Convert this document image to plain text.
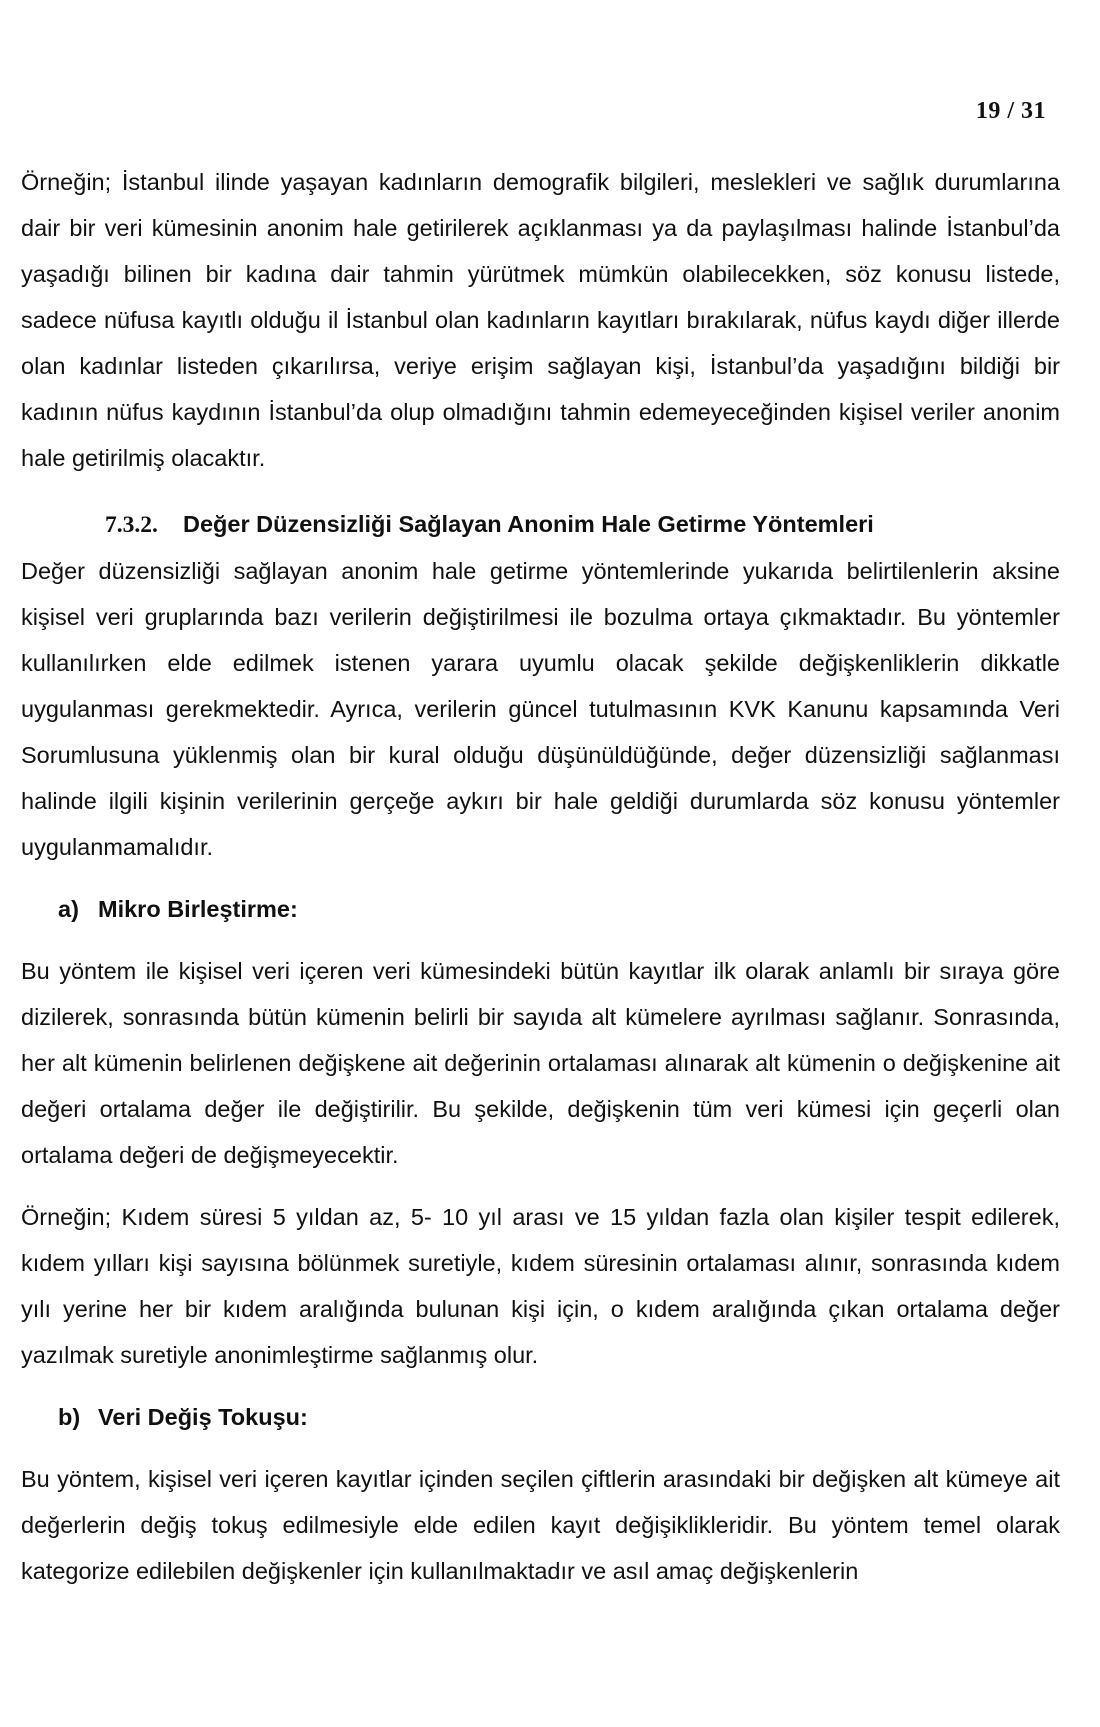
19 / 31

Örneğin; İstanbul ilinde yaşayan kadınların demografik bilgileri, meslekleri ve sağlık durumlarına dair bir veri kümesinin anonim hale getirilerek açıklanması ya da paylaşılması halinde İstanbul’da yaşadığı bilinen bir kadına dair tahmin yürütmek mümkün olabilecekken, söz konusu listede, sadece nüfusa kayıtlı olduğu il İstanbul olan kadınların kayıtları bırakılarak, nüfus kaydı diğer illerde olan kadınlar listeden çıkarılırsa, veriye erişim sağlayan kişi, İstanbul’da yaşadığını bildiği bir kadının nüfus kaydının İstanbul’da olup olmadığını tahmin edemeyeceğinden kişisel veriler anonim hale getirilmiş olacaktır.

7.3.2. Değer Düzensizliği Sağlayan Anonim Hale Getirme Yöntemleri

Değer düzensizliği sağlayan anonim hale getirme yöntemlerinde yukarıda belirtilenlerin aksine kişisel veri gruplarında bazı verilerin değiştirilmesi ile bozulma ortaya çıkmaktadır. Bu yöntemler kullanılırken elde edilmek istenen yarara uyumlu olacak şekilde değişkenliklerin dikkatle uygulanması gerekmektedir. Ayrıca, verilerin güncel tutulmasının KVK Kanunu kapsamında Veri Sorumlusuna yüklenmiş olan bir kural olduğu düşünüldüğünde, değer düzensizliği sağlanması halinde ilgili kişinin verilerinin gerçeğe aykırı bir hale geldiği durumlarda söz konusu yöntemler uygulanmamalıdır.

a) Mikro Birleştirme:

Bu yöntem ile kişisel veri içeren veri kümesindeki bütün kayıtlar ilk olarak anlamlı bir sıraya göre dizilerek, sonrasında bütün kümenin belirli bir sayıda alt kümelere ayrılması sağlanır. Sonrasında, her alt kümenin belirlenen değişkene ait değerinin ortalaması alınarak alt kümenin o değişkenine ait değeri ortalama değer ile değiştirilir. Bu şekilde, değişkenin tüm veri kümesi için geçerli olan ortalama değeri de değişmeyecektir.

Örneğin; Kıdem süresi 5 yıldan az, 5- 10 yıl arası ve 15 yıldan fazla olan kişiler tespit edilerek, kıdem yılları kişi sayısına bölünmek suretiyle, kıdem süresinin ortalaması alınır, sonrasında kıdem yılı yerine her bir kıdem aralığında bulunan kişi için, o kıdem aralığında çıkan ortalama değer yazılmak suretiyle anonimleştirme sağlanmış olur.

b) Veri Değiş Tokuşu:

Bu yöntem, kişisel veri içeren kayıtlar içinden seçilen çiftlerin arasındaki bir değişken alt kümeye ait değerlerin değiş tokuş edilmesiyle elde edilen kayıt değişiklikleridir. Bu yöntem temel olarak kategorize edilebilen değişkenler için kullanılmaktadır ve asıl amaç değişkenlerin
